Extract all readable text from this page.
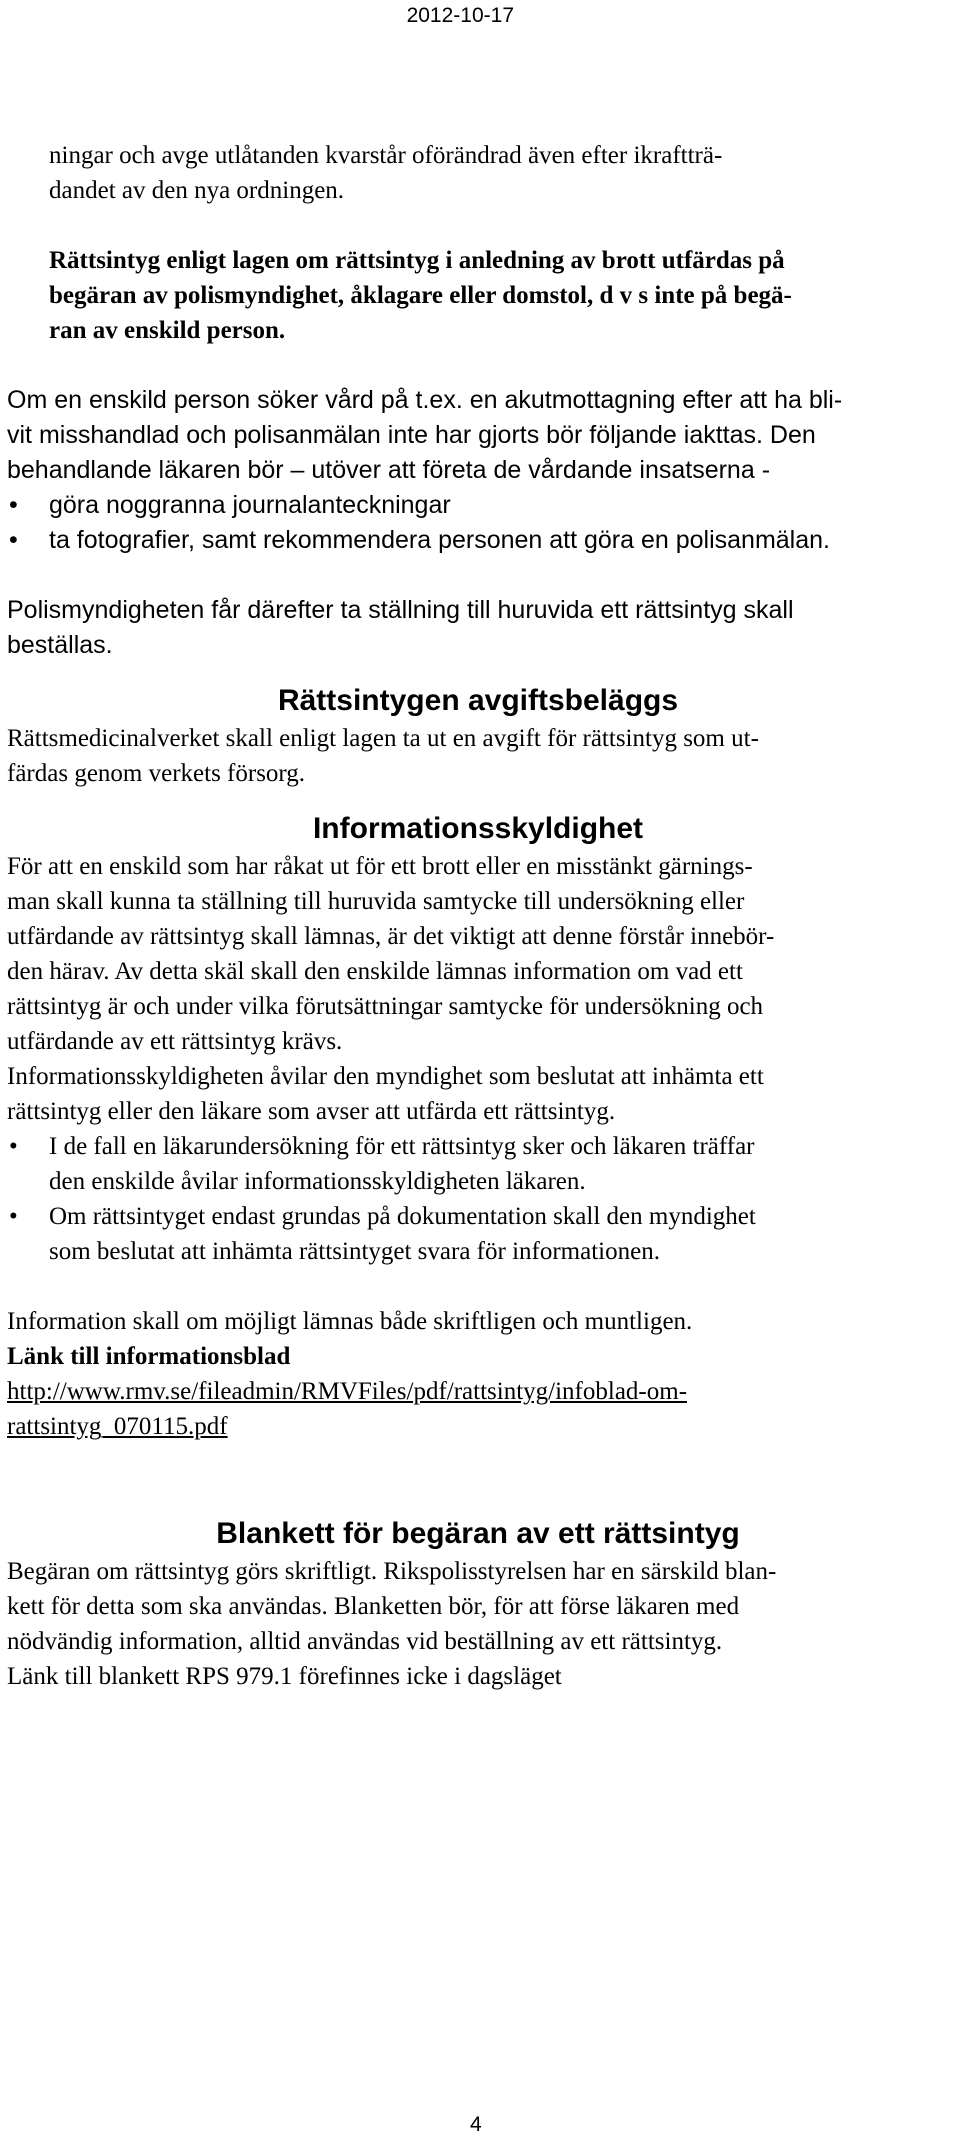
2012-10-17

ningar och avge utlåtanden kvarstår oförändrad även efter ikraftträ-

dandet av den nya ordningen.

Rättsintyg enligt lagen om rättsintyg i anledning av brott utfärdas på

begäran av polismyndighet, åklagare eller domstol, d v s inte på begä-

ran av enskild person.

Om en enskild person söker vård på t.ex. en akutmottagning efter att ha bli-

vit misshandlad och polisanmälan inte har gjorts bör följande iakttas. Den

behandlande läkaren bör – utöver att företa de vårdande insatserna -

• göra noggranna journalanteckningar
• ta fotografier, samt rekommendera personen att göra en polisanmälan.

Polismyndigheten får därefter ta ställning till huruvida ett rättsintyg skall

beställas.

Rättsintygen avgiftsbeläggs

Rättsmedicinalverket skall enligt lagen ta ut en avgift för rättsintyg som ut-

färdas genom verkets försorg.

Informationsskyldighet

För att en enskild som har råkat ut för ett brott eller en misstänkt gärnings-

man skall kunna ta ställning till huruvida samtycke till undersökning eller

utfärdande av rättsintyg skall lämnas, är det viktigt att denne förstår innebör-

den härav. Av detta skäl skall den enskilde lämnas information om vad ett

rättsintyg är och under vilka förutsättningar samtycke för undersökning och

utfärdande av ett rättsintyg krävs.

Informationsskyldigheten åvilar den myndighet som beslutat att inhämta ett

rättsintyg eller den läkare som avser att utfärda ett rättsintyg.

• I de fall en läkarundersökning för ett rättsintyg sker och läkaren träffar
den enskilde åvilar informationsskyldigheten läkaren.
• Om rättsintyget endast grundas på dokumentation skall den myndighet
som beslutat att inhämta rättsintyget svara för informationen.

Information skall om möjligt lämnas både skriftligen och muntligen.

Länk till informationsblad

http://www.rmv.se/fileadmin/RMVFiles/pdf/rattsintyg/infoblad-om-
rattsintyg_070115.pdf

Blankett för begäran av ett rättsintyg

Begäran om rättsintyg görs skriftligt. Rikspolisstyrelsen har en särskild blan-

kett för detta som ska användas. Blanketten bör, för att förse läkaren med

nödvändig information, alltid användas vid beställning av ett rättsintyg.

Länk till blankett RPS 979.1 förefinnes icke i dagsläget

4
